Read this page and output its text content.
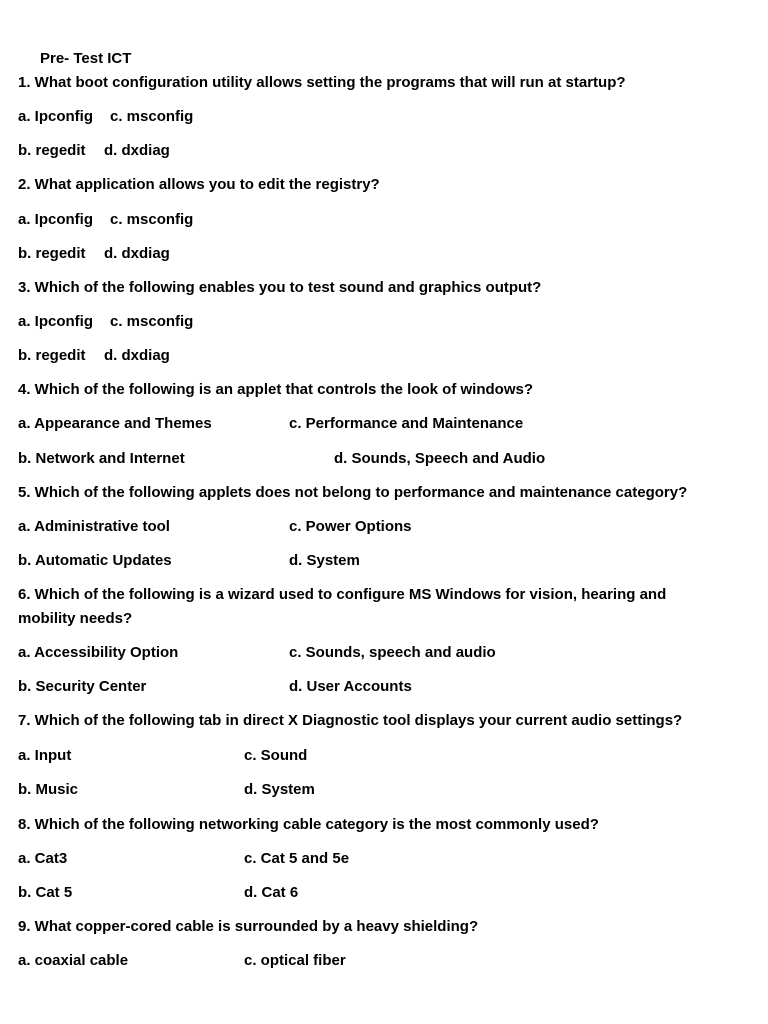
Pre- Test ICT
1. What boot configuration utility allows setting the programs that will run at startup?
a. Ipconfig c. msconfig
b. regedit d. dxdiag
2. What application allows you to edit the registry?
a. Ipconfig c. msconfig
b. regedit d. dxdiag
3. Which of the following enables you to test sound and graphics output?
a. Ipconfig c. msconfig
b. regedit d. dxdiag
4. Which of the following is an applet that controls the look of windows?
a. Appearance and Themes	c. Performance and Maintenance
b. Network and Internet	d. Sounds, Speech and Audio
5. Which of the following applets does not belong to performance and maintenance category?
a. Administrative tool	c. Power Options
b. Automatic Updates	d. System
6. Which of the following is a wizard used to configure MS Windows for vision, hearing and
mobility needs?
a. Accessibility Option	c. Sounds, speech and audio
b. Security Center	d. User Accounts
7. Which of the following tab in direct X Diagnostic tool displays your current audio settings?
a. Input	c. Sound
b. Music	d. System
8. Which of the following networking cable category is the most commonly used?
a. Cat3	c. Cat 5 and 5e
b. Cat 5	d. Cat 6
9. What copper-cored cable is surrounded by a heavy shielding?
a. coaxial cable	c. optical fiber
